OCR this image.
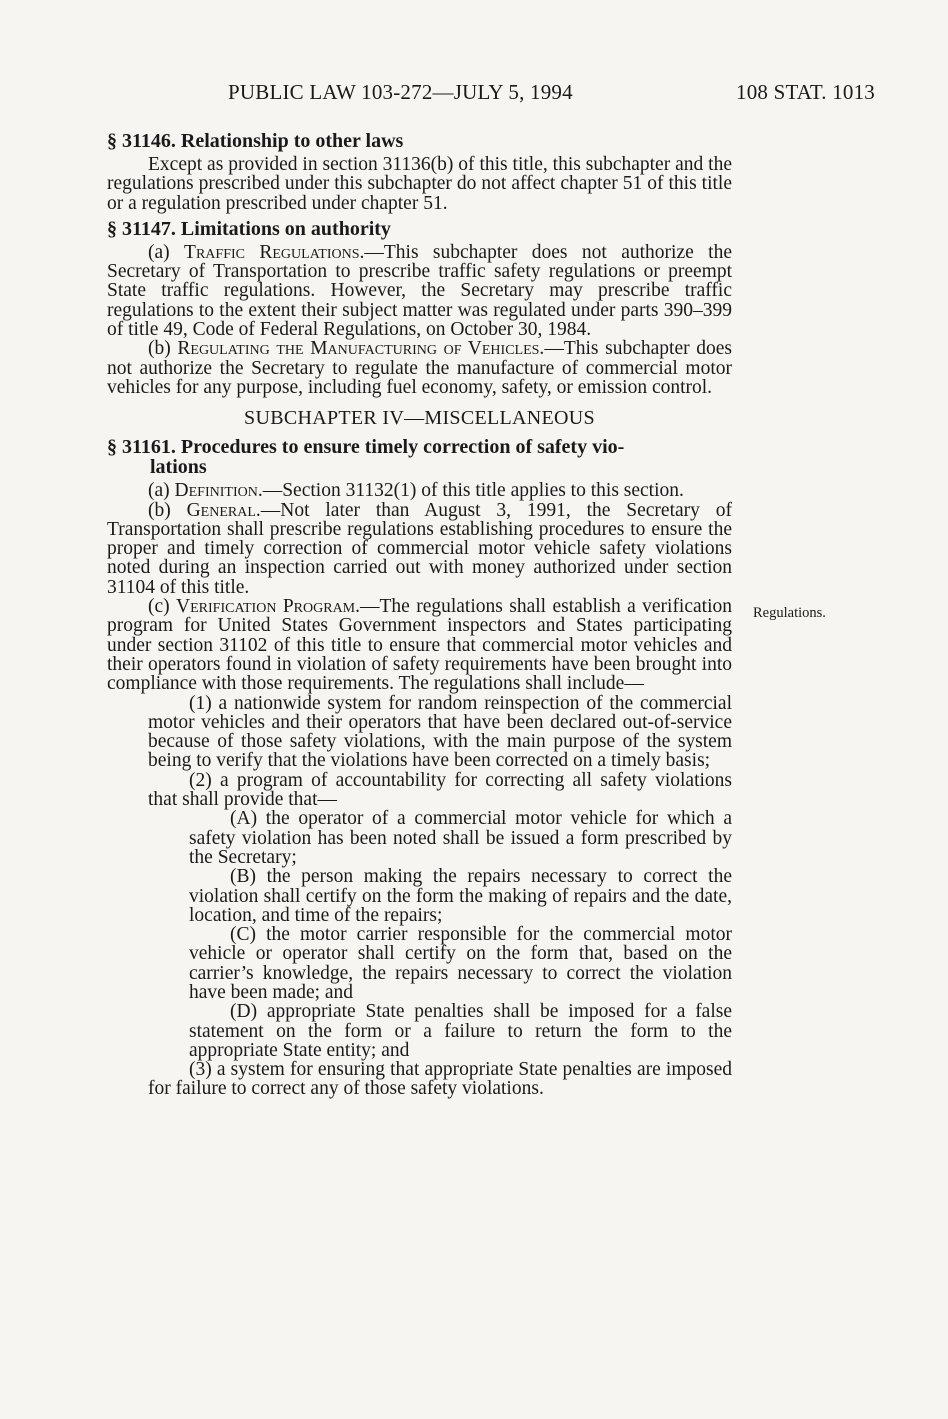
PUBLIC LAW 103-272—JULY 5, 1994	108 STAT. 1013
Regulations.
§ 31146. Relationship to other laws

Except as provided in section 31136(b) of this title, this subchapter and the regulations prescribed under this subchapter do not affect chapter 51 of this title or a regulation prescribed under chapter 51.

§ 31147. Limitations on authority

(a) Traffic Regulations.—This subchapter does not authorize the Secretary of Transportation to prescribe traffic safety regulations or preempt State traffic regulations. However, the Secretary may prescribe traffic regulations to the extent their subject matter was regulated under parts 390–399 of title 49, Code of Federal Regulations, on October 30, 1984.

(b) Regulating the Manufacturing of Vehicles.—This subchapter does not authorize the Secretary to regulate the manufacture of commercial motor vehicles for any purpose, including fuel economy, safety, or emission control.

SUBCHAPTER IV—MISCELLANEOUS
§ 31161. Procedures to ensure timely correction of safety vio-
lations

(a) Definition.—Section 31132(1) of this title applies to this section.

(b) General.—Not later than August 3, 1991, the Secretary of Transportation shall prescribe regulations establishing procedures to ensure the proper and timely correction of commercial motor vehicle safety violations noted during an inspection carried out with money authorized under section 31104 of this title.

(c) Verification Program.—The regulations shall establish a verification program for United States Government inspectors and States participating under section 31102 of this title to ensure that commercial motor vehicles and their operators found in violation of safety requirements have been brought into compliance with those requirements. The regulations shall include—

(1) a nationwide system for random reinspection of the commercial motor vehicles and their operators that have been declared out-of-service because of those safety violations, with the main purpose of the system being to verify that the violations have been corrected on a timely basis;

(2) a program of accountability for correcting all safety violations that shall provide that—

(A) the operator of a commercial motor vehicle for which a safety violation has been noted shall be issued a form prescribed by the Secretary;

(B) the person making the repairs necessary to correct the violation shall certify on the form the making of repairs and the date, location, and time of the repairs;

(C) the motor carrier responsible for the commercial motor vehicle or operator shall certify on the form that, based on the carrier’s knowledge, the repairs necessary to correct the violation have been made; and

(D) appropriate State penalties shall be imposed for a false statement on the form or a failure to return the form to the appropriate State entity; and

(3) a system for ensuring that appropriate State penalties are imposed for failure to correct any of those safety violations.
